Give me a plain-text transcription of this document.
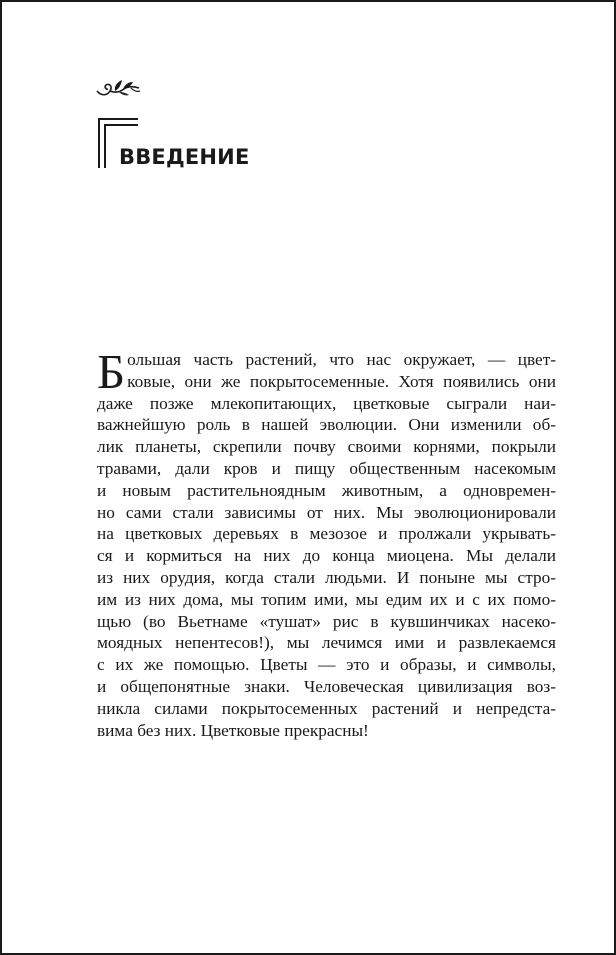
ВВЕДЕНИЕ
Б ольшая часть растений, что нас окружает, — цвет-
ковые, они же покрытосеменные. Хотя появились они
даже позже млекопитающих, цветковые сыграли наи-
важнейшую роль в нашей эволюции. Они изменили об-
лик планеты, скрепили почву своими корнями, покрыли
травами, дали кров и пищу общественным насекомым
и новым растительноядным животным, а одновремен-
но сами стали зависимы от них. Мы эволюционировали
на цветковых деревьях в мезозое и пролжали укрывать-
ся и кормиться на них до конца миоцена. Мы делали
из них орудия, когда стали людьми. И поныне мы стро-
им из них дома, мы топим ими, мы едим их и с их помо-
щью (во Вьетнаме «тушат» рис в кувшинчиках насеко-
моядных непентесов!), мы лечимся ими и развлекаемся
с их же помощью. Цветы — это и образы, и символы,
и общепонятные знаки. Человеческая цивилизация воз-
никла силами покрытосеменных растений и непредста-
вима без них. Цветковые прекрасны!
